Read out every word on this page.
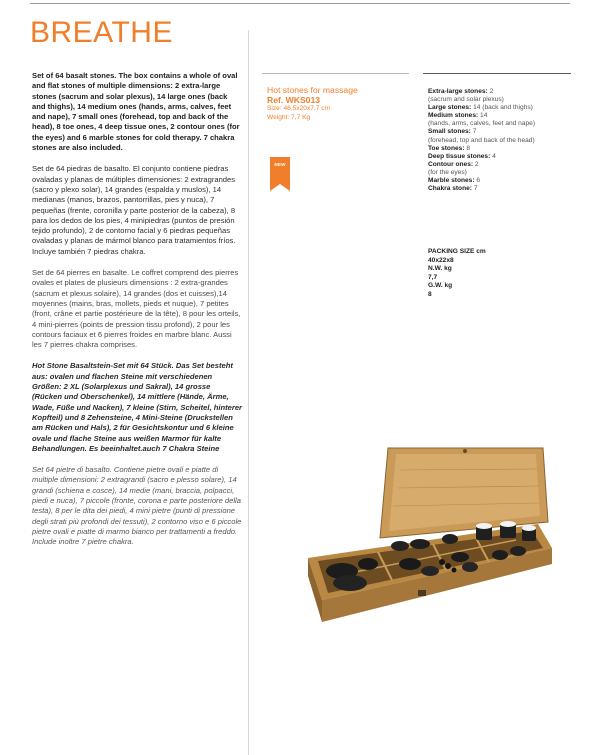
BREATHE

Set of 64 basalt stones. The box contains a whole of oval and flat stones of multiple dimensions: 2 extra-large stones (sacrum and solar plexus), 14 large ones (back and thighs), 14 medium ones (hands, arms, calves, feet and nape), 7 small ones (forehead, top and back of the head), 8 toe ones, 4 deep tissue ones, 2 contour ones (for the eyes) and 6 marble stones for cold therapy. 7 chakra stones are also included.

Set de 64 piedras de basalto. El conjunto contiene piedras ovaladas y planas de múltiples dimensiones: 2 extragrandes (sacro y plexo solar), 14 grandes (espalda y muslos), 14 medianas (manos, brazos, pantorrillas, pies y nuca), 7 pequeñas (frente, coronilla y parte posterior de la cabeza), 8 para los dedos de los pies, 4 minipiedras (puntos de presión tejido profundo), 2 de contorno facial y 6 piedras pequeñas ovaladas y planas de mármol blanco para tratamientos fríos. Incluye también 7 piedras chakra.

Set de 64 pierres en basalte. Le coffret comprend des pierres ovales et plates de plusieurs dimensions : 2 extra-grandes (sacrum et plexus solaire), 14 grandes (dos et cuisses),14 moyennes (mains, bras, mollets, pieds et nuque), 7 petites (front, crâne et partie postérieure de la tête), 8 pour les orteils, 4 mini-pierres (points de pression tissu profond), 2 pour les contours faciaux et 6 pierres froides en marbre blanc. Aussi les 7 pierres chakra comprises.

Hot Stone Basaltstein-Set mit 64 Stück. Das Set besteht aus: ovalen und flachen Steine mit verschiedenen Größen: 2 XL (Solarplexus und Sakral), 14 grosse (Rücken und Oberschenkel), 14 mittlere (Hände, Ärme, Wade, Füße und Nacken), 7 kleine (Stirn, Scheitel, hinterer Kopfteil) und 8 Zehensteine, 4 Mini-Steine (Druckstellen am Rücken und Hals), 2 für Gesichtskontur und 6 kleine ovale und flache Steine aus weißen Marmor für kalte Behandlungen. Es beeinhaltet.auch 7 Chakra Steine

Set 64 pietre di basalto. Contiene pietre ovali e piatte di multiple dimensioni: 2 extragrandi (sacro e plesso solare), 14 grandi (schiena e cosce), 14 medie (mani, braccia, polpacci, piedi e nuca), 7 piccole (fronte, corona e parte posteriore della testa), 8 per le dita dei piedi, 4 mini pietre (punti di pressione degli strati più profondi dei tessuti), 2 contorno viso e 6 piccole pietre ovali e piatte di marmo bianco per trattamenti a freddo. Include inoltre 7 pietre chakra.

Hot stones for massage
Ref. WKS013
Size: 46,5x20x7,7 cm
Weight: 7,7 Kg
NEW
Extra-large stones: 2
(sacrum and solar plexus)
Large stones: 14 (back and thighs)
Medium stones: 14
(hands, arms, calves, feet and nape)
Small stones: 7
(forehead, top and back of the head)
Toe stones: 8
Deep tissue stones: 4
Contour ones: 2
(for the eyes)
Marble stones: 6
Chakra stone: 7
PACKING SIZE cm
40x22x8
N.W. kg
7,7
G.W. kg
8
